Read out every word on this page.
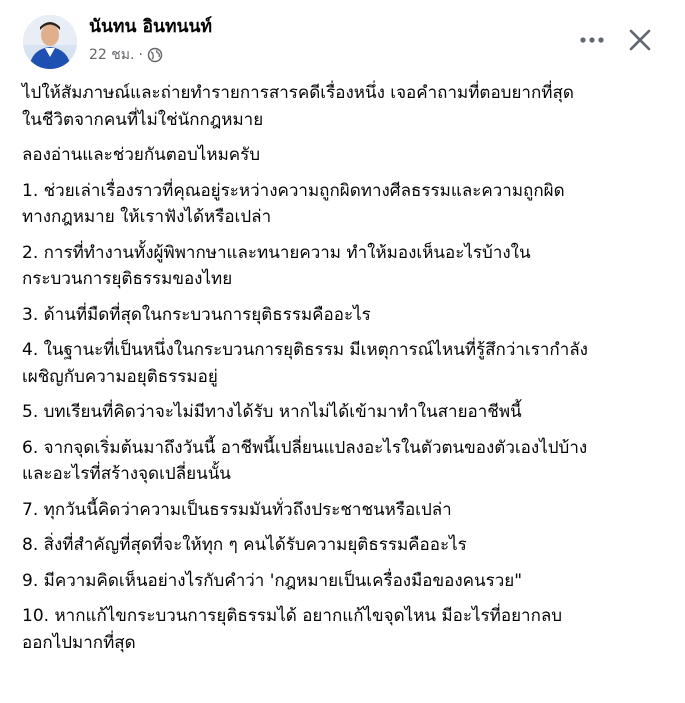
นันทน อินทนนท์
22 ชม. ·
ไปให้สัมภาษณ์และถ่ายทำรายการสารคดีเรื่องหนึ่ง เจอคำถามที่ตอบยากที่สุด
ในชีวิตจากคนที่ไม่ใช่นักกฎหมาย
ลองอ่านและช่วยกันตอบไหมครับ
1. ช่วยเล่าเรื่องราวที่คุณอยู่ระหว่างความถูกผิดทางศีลธรรมและความถูกผิด
ทางกฎหมาย ให้เราฟังได้หรือเปล่า
2. การที่ทำงานทั้งผู้พิพากษาและทนายความ ทำให้มองเห็นอะไรบ้างใน
กระบวนการยุติธรรมของไทย
3. ด้านที่มืดที่สุดในกระบวนการยุติธรรมคืออะไร
4. ในฐานะที่เป็นหนึ่งในกระบวนการยุติธรรม มีเหตุการณ์ไหนที่รู้สึกว่าเรากำลัง
เผชิญกับความอยุติธรรมอยู่
5. บทเรียนที่คิดว่าจะไม่มีทางได้รับ หากไม่ได้เข้ามาทำในสายอาชีพนี้
6. จากจุดเริ่มต้นมาถึงวันนี้ อาชีพนี้เปลี่ยนแปลงอะไรในตัวตนของตัวเองไปบ้าง
และอะไรที่สร้างจุดเปลี่ยนนั้น
7. ทุกวันนี้คิดว่าความเป็นธรรมมันทั่วถึงประชาชนหรือเปล่า
8. สิ่งที่สำคัญที่สุดที่จะให้ทุก ๆ คนได้รับความยุติธรรมคืออะไร
9. มีความคิดเห็นอย่างไรกับคำว่า 'กฎหมายเป็นเครื่องมือของคนรวย"
10. หากแก้ไขกระบวนการยุติธรรมได้ อยากแก้ไขจุดไหน มีอะไรที่อยากลบ
ออกไปมากที่สุด
